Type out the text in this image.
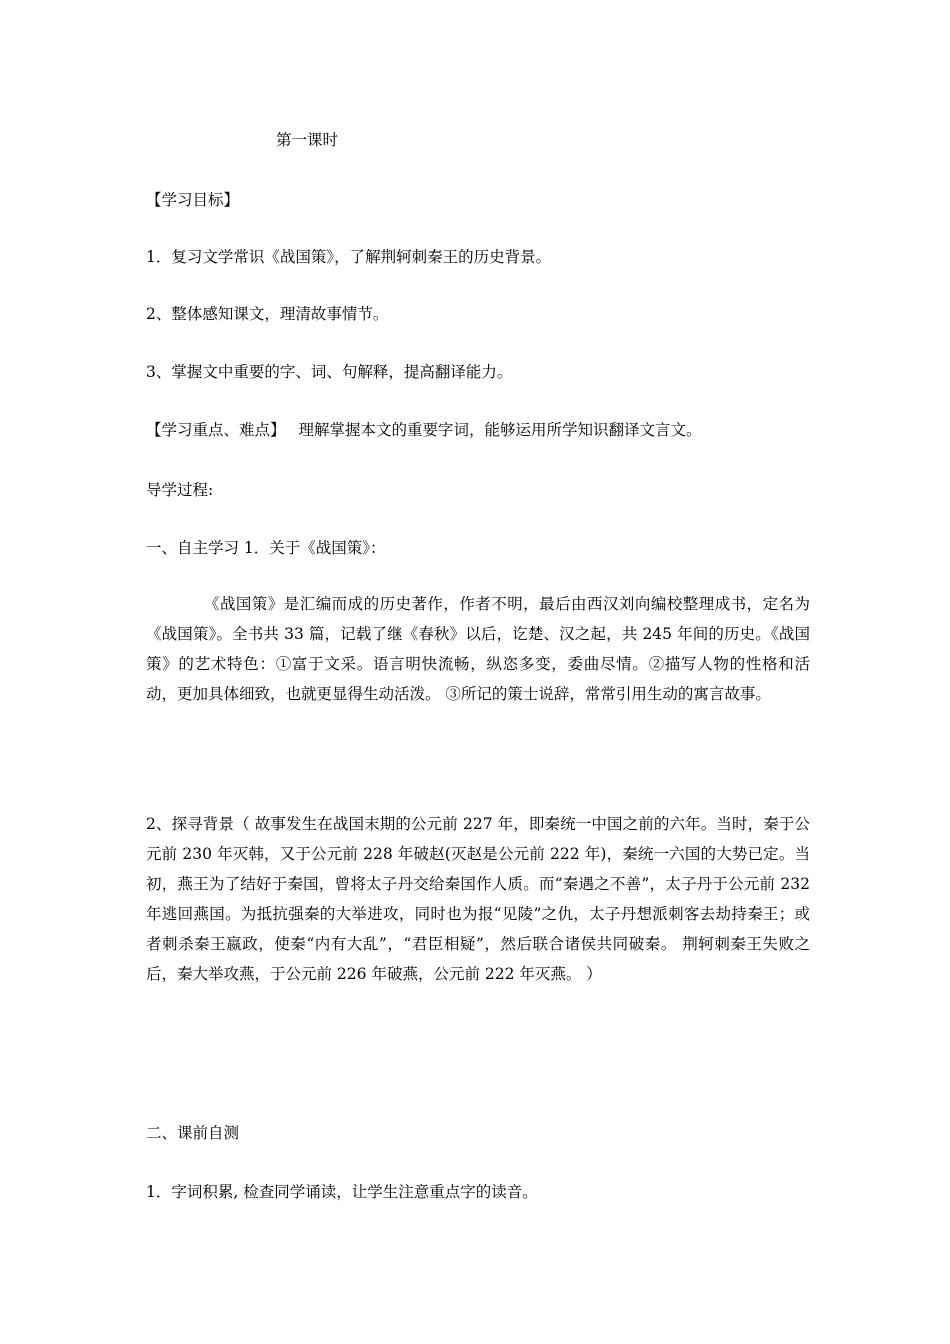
第一课时
【学习目标】
1．复习文学常识《战国策》，了解荆轲刺秦王的历史背景。
2、整体感知课文，理清故事情节。
3、掌握文中重要的字、词、句解释，提高翻译能力。
【学习重点、难点】 理解掌握本文的重要字词，能够运用所学知识翻译文言文。
导学过程:
一、自主学习 1．关于《战国策》：
《战国策》是汇编而成的历史著作，作者不明，最后由西汉刘向编校整理成书，定名为《战国策》。全书共 33 篇，记载了继《春秋》以后，讫楚、汉之起，共 245 年间的历史。《战国策》的艺术特色：①富于文采。语言明快流畅，纵恣多变，委曲尽情。②描写人物的性格和活动，更加具体细致，也就更显得生动活泼。 ③所记的策士说辞，常常引用生动的寓言故事。
2、探寻背景（ 故事发生在战国末期的公元前 227 年，即秦统一中国之前的六年。当时，秦于公元前 230 年灭韩，又于公元前 228 年破赵(灭赵是公元前 222 年)，秦统一六国的大势已定。当初，燕王为了结好于秦国，曾将太子丹交给秦国作人质。而“秦遇之不善”，太子丹于公元前 232 年逃回燕国。为抵抗强秦的大举进攻，同时也为报“见陵”之仇，太子丹想派刺客去劫持秦王；或者刺杀秦王嬴政，使秦“内有大乱”，“君臣相疑”，然后联合诸侯共同破秦。 荆轲刺秦王失败之后，秦大举攻燕，于公元前 226 年破燕，公元前 222 年灭燕。 ）
二、课前自测
1．字词积累, 检查同学诵读，让学生注意重点字的读音。
